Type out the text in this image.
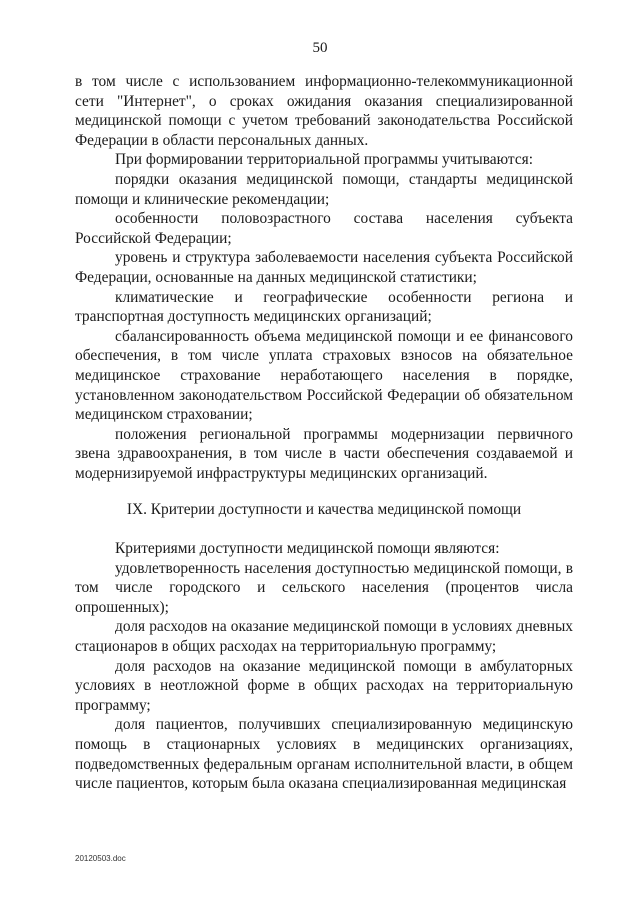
50

в том числе с использованием информационно-телекоммуникационной сети "Интернет", о сроках ожидания оказания специализированной медицинской помощи с учетом требований законодательства Российской Федерации в области персональных данных.

При формировании территориальной программы учитываются:

порядки оказания медицинской помощи, стандарты медицинской помощи и клинические рекомендации;

особенности половозрастного состава населения субъекта Российской Федерации;

уровень и структура заболеваемости населения субъекта Российской Федерации, основанные на данных медицинской статистики;

климатические и географические особенности региона и транспортная доступность медицинских организаций;

сбалансированность объема медицинской помощи и ее финансового обеспечения, в том числе уплата страховых взносов на обязательное медицинское страхование неработающего населения в порядке, установленном законодательством Российской Федерации об обязательном медицинском страховании;

положения региональной программы модернизации первичного звена здравоохранения, в том числе в части обеспечения создаваемой и модернизируемой инфраструктуры медицинских организаций.

IX. Критерии доступности и качества медицинской помощи

Критериями доступности медицинской помощи являются:

удовлетворенность населения доступностью медицинской помощи, в том числе городского и сельского населения (процентов числа опрошенных);

доля расходов на оказание медицинской помощи в условиях дневных стационаров в общих расходах на территориальную программу;

доля расходов на оказание медицинской помощи в амбулаторных условиях в неотложной форме в общих расходах на территориальную программу;

доля пациентов, получивших специализированную медицинскую помощь в стационарных условиях в медицинских организациях, подведомственных федеральным органам исполнительной власти, в общем числе пациентов, которым была оказана специализированная медицинская

20120503.doc
